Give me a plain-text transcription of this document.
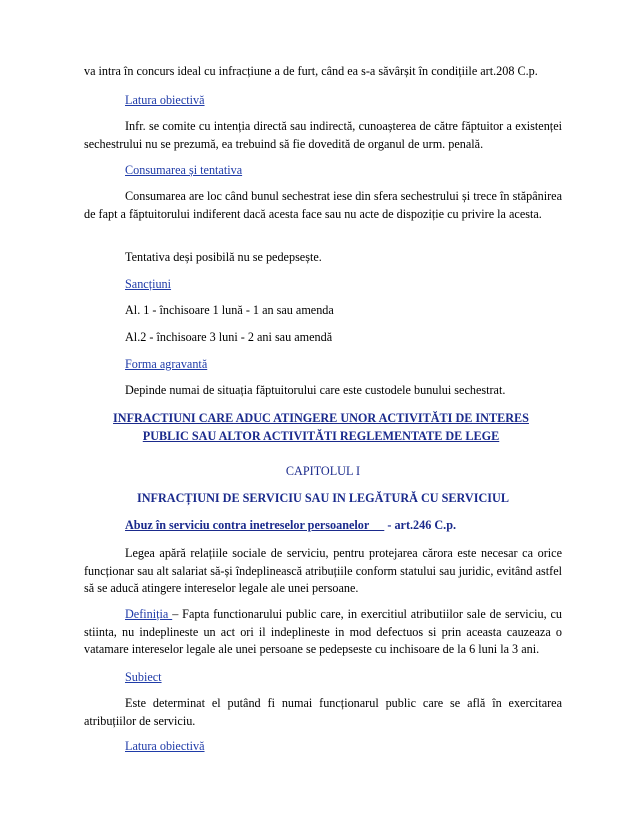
va intra în concurs ideal cu infracțiune a de furt, când ea s-a săvârșit în condițiile art.208 C.p.

Latura obiectivă

Infr. se comite cu intenția directă sau indirectă, cunoașterea de către făptuitor a existenței sechestrului nu se prezumă, ea trebuind să fie dovedită de organul de urm. penală.

Consumarea și tentativa

Consumarea are loc când bunul sechestrat iese din sfera sechestrului și trece în stăpânirea de fapt a făptuitorului indiferent dacă acesta face sau nu acte de dispoziție cu privire la acesta.

Tentativa deși posibilă nu se pedepsește.

Sancțiuni

Al. 1 - închisoare 1 lună - 1 an sau amenda

Al.2 - închisoare 3 luni - 2 ani sau amendă

Forma agravantă

Depinde numai de situația făptuitorului care este custodele bunului sechestrat.

INFRACTIUNI CARE ADUC ATINGERE UNOR ACTIVITĂTI DE INTERES
PUBLIC SAU ALTOR ACTIVITĂTI REGLEMENTATE DE LEGE

CAPITOLUL I

INFRACȚIUNI DE SERVICIU SAU IN LEGĂTURĂ CU SERVICIUL

Abuz în serviciu contra inetreselor persoanelor      - art.246 C.p.

Legea apără relațiile sociale de serviciu, pentru protejarea cărora este necesar ca orice funcționar sau alt salariat să-și îndeplinească atribuțiile conform statului sau juridic, evitând astfel să se aducă atingere intereselor legale ale unei persoane.

Definiția – Fapta functionarului public care, in exercitiul atributiilor sale de serviciu, cu stiinta, nu indeplineste un act ori il indeplineste in mod defectuos si prin aceasta cauzeaza o vatamare intereselor legale ale unei persoane se pedepseste cu inchisoare de la 6 luni la 3 ani.

Subiect

Este determinat el putând fi numai funcționarul public care se află în exercitarea atribuțiilor de serviciu.

Latura obiectivă
